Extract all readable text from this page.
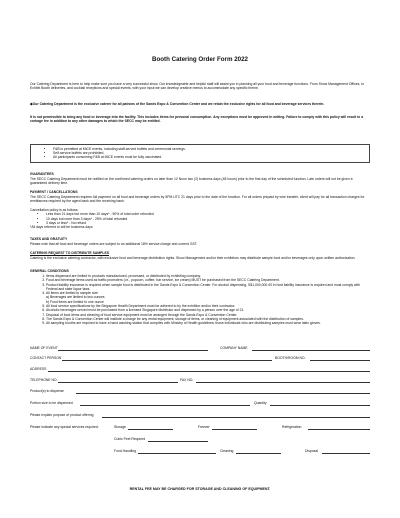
Booth Catering Order Form 2022
Our Catering Department is here to help make sure you have a very successful show. Our knowledgeable and helpful staff will assist you in planning all your food and beverage functions. From Show Management Offices, to Exhibit Booth deliveries, and cocktail receptions and special events, with your input we can develop creative menus to accommodate any specific theme.
◆Our Catering Department is the exclusive caterer for all patrons of the Sands Expo & Convention Center and we retain the exclusive rights for all food and beverage services therein.
It is not permissible to bring any food or beverage into the facility. This includes items for personal consumption. Any exceptions must be approved in writing. Failure to comply with this policy will result in a corkage fee in addition to any other damages to which the SECC may be entitled.
• F&B is permitted at MICE events, including staff-served buffets and ceremonial servings.
• Self-service buffets are prohibited.
• All participants consuming F&B at MICE events must be fully vaccinated.
GUARANTEES
The SECC Catering Department must be notified on the confirmed catering orders no later than 12 Noon two (2) business days (48 hours) prior to the first day of the scheduled function. Late orders will not be given a guaranteed delivery time.
PAYMENT / CANCELLATIONS
The SECC Catering Department requires full payment on all food and beverage orders by 5PM UTC 21 days prior to the date of the function. For all orders prepaid by wire transfer, client will pay for all transaction charges for remittances required by the agent bank and the receiving bank.
Cancellation policy is as follows:
• Less than 21 days but more than 10 days* - 50% of total order refunded
• 10 days but more than 3 days* - 25% of total refunded
• 3 days or less* - No refund
*All days referred to will be business days
TAXES AND GRATUITY
Please note that all food and beverage orders are subject to an additional 18% service charge and current GST.
CATERING REQUEST TO DISTRIBUTE SAMPLES
Catering is the exclusive catering contractor, with exclusive food and beverage distribution rights. Show Management and/or their exhibitors may distribute sample food and/or beverages only upon written authorization.
GENERAL CONDITIONS
1. Items dispensed are limited to products manufactured, processed, or distributed by exhibiting company.
2. Food and beverage items used as traffic promoters (i.e., popcorn, coffee, bar service, ice cream) MUST be purchased from the SECC Catering Department.
3. Product liability insurance is required when sample food is distributed in the Sands Expo & Convention Center. For alcohol dispensing, S$1,000,000.00 in host liability insurance is required and must comply with Federal and state liquor laws.
4. All items are limited to sample size
a) Beverages are limited to two ounces
b) Food items are limited to one ounce
5. All food service specifications by the Singapore Health Department must be adhered to by the exhibitor and/or their contractor.
6. Alcoholic beverages served must be purchased from a licensed Singapore distributor and dispensed by a person over the age of 21.
7. Disposal of food items and cleaning of food service equipment must be arranged through the Sands Expo & Convention Center.
8. The Sands Expo & Convention Center will institute a charge for any rental equipment, storage of items, or cleaning of equipment associated with the distribution of samples.
9. All sampling booths are required to have a hand washing station that complies with Ministry of Health guidelines; those individuals who are distributing samples must wear latex gloves.
NAME OF EVENT	COMPANY NAME
CONTACT PERSON	BOOTH/ROOM NO.
ADDRESS
TELEPHONE NO.	FAX NO.
Product(s) to dispense
Portion size to be dispensed	Quantity
Please explain purpose of product offering
Please indicate any special services required:	Storage	Freezer	Refrigeration
Cubic Feet Required
Food Handling	Cleaning	Disposal
RENTAL FEE MAY BE CHARGED FOR STORAGE AND CLEANING OF EQUIPMENT.
